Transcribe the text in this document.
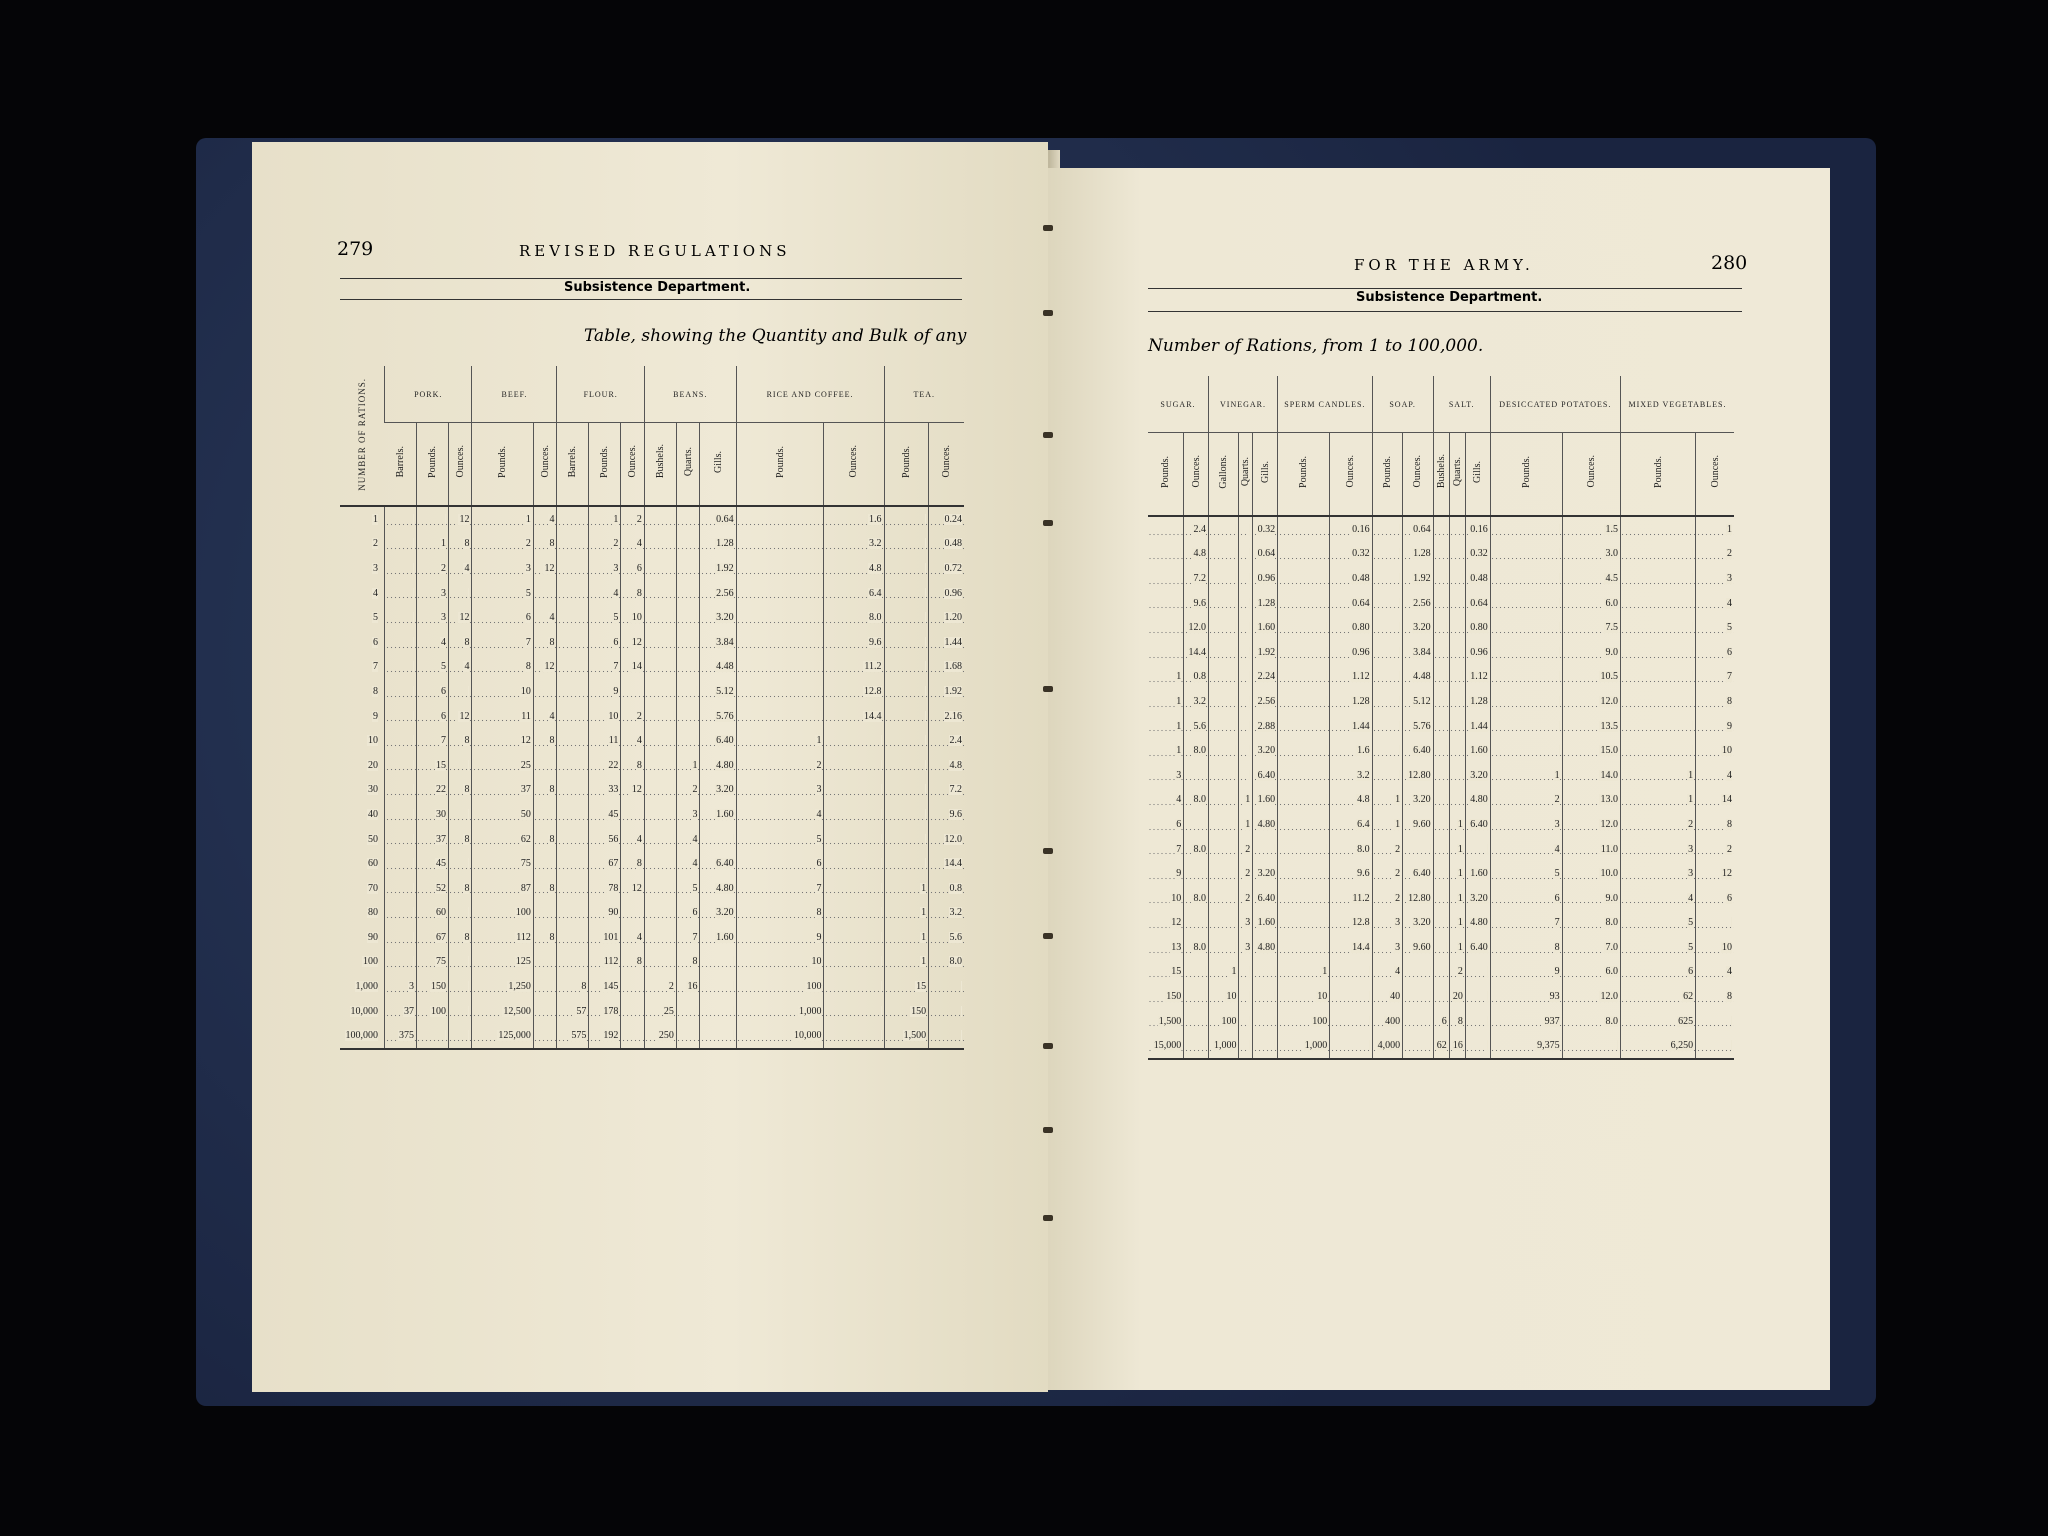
279	REVISED REGULATIONS
Subsistence Department.
Table, showing the Quantity and Bulk of any
NUMBER OF RATIONS.	PORK.			BEEF.		FLOUR.			BEANS.			RICE AND COFFEE.		TEA.	
	Barrels.	Pounds.	Ounces.	Pounds.	Ounces.	Barrels.	Pounds.	Ounces.	Bushels.	Quarts.	Gills.	Pounds.	Ounces.	Pounds.	Ounces.
1			12	1	4		1	2			0.64		1.6		0.24
2		1	8	2	8		2	4			1.28		3.2		0.48
3		2	4	3	12		3	6			1.92		4.8		0.72
4		3		5			4	8			2.56		6.4		0.96
5		3	12	6	4		5	10			3.20		8.0		1.20
6		4	8	7	8		6	12			3.84		9.6		1.44
7		5	4	8	12		7	14			4.48		11.2		1.68
8		6		10			9				5.12		12.8		1.92
9		6	12	11	4		10	2			5.76		14.4		2.16
10		7	8	12	8		11	4			6.40	1			2.4
20		15		25			22	8		1	4.80	2			4.8
30		22	8	37	8		33	12		2	3.20	3			7.2
40		30		50			45			3	1.60	4			9.6
50		37	8	62	8		56	4		4		5			12.0
60		45		75			67	8		4	6.40	6			14.4
70		52	8	87	8		78	12		5	4.80	7		1	0.8
80		60		100			90			6	3.20	8		1	3.2
90		67	8	112	8		101	4		7	1.60	9		1	5.6
100		75		125			112	8		8		10		1	8.0
1,000	3	150		1,250		8	145		2	16		100		15	
10,000	37	100		12,500		57	178		25			1,000		150	
100,000	375			125,000		575	192		250			10,000		1,500	
FOR THE ARMY.	280
Subsistence Department.
Number of Rations, from 1 to 100,000.
SUGAR.		VINEGAR.			SPERM CANDLES.		SOAP.		SALT.			DESICCATED POTATOES.		MIXED VEGETABLES.	
Pounds.	Ounces.	Gallons.	Quarts.	Gills.	Pounds.	Ounces.	Pounds.	Ounces.	Bushels.	Quarts.	Gills.	Pounds.	Ounces.	Pounds.	Ounces.
	2.4			0.32		0.16		0.64			0.16		1.5		1
	4.8			0.64		0.32		1.28			0.32		3.0		2
	7.2			0.96		0.48		1.92			0.48		4.5		3
	9.6			1.28		0.64		2.56			0.64		6.0		4
	12.0			1.60		0.80		3.20			0.80		7.5		5
	14.4			1.92		0.96		3.84			0.96		9.0		6
1	0.8			2.24		1.12		4.48			1.12		10.5		7
1	3.2			2.56		1.28		5.12			1.28		12.0		8
1	5.6			2.88		1.44		5.76			1.44		13.5		9
1	8.0			3.20		1.6		6.40			1.60		15.0		10
3				6.40		3.2		12.80			3.20	1	14.0	1	4
4	8.0		1	1.60		4.8	1	3.20			4.80	2	13.0	1	14
6			1	4.80		6.4	1	9.60		1	6.40	3	12.0	2	8
7	8.0		2			8.0	2			1		4	11.0	3	2
9			2	3.20		9.6	2	6.40		1	1.60	5	10.0	3	12
10	8.0		2	6.40		11.2	2	12.80		1	3.20	6	9.0	4	6
12			3	1.60		12.8	3	3.20		1	4.80	7	8.0	5	
13	8.0		3	4.80		14.4	3	9.60		1	6.40	8	7.0	5	10
15		1			1		4			2		9	6.0	6	4
150		10			10		40			20		93	12.0	62	8
1,500		100			100		400		6	8		937	8.0	625	
15,000		1,000			1,000		4,000		62	16		9,375		6,250	
